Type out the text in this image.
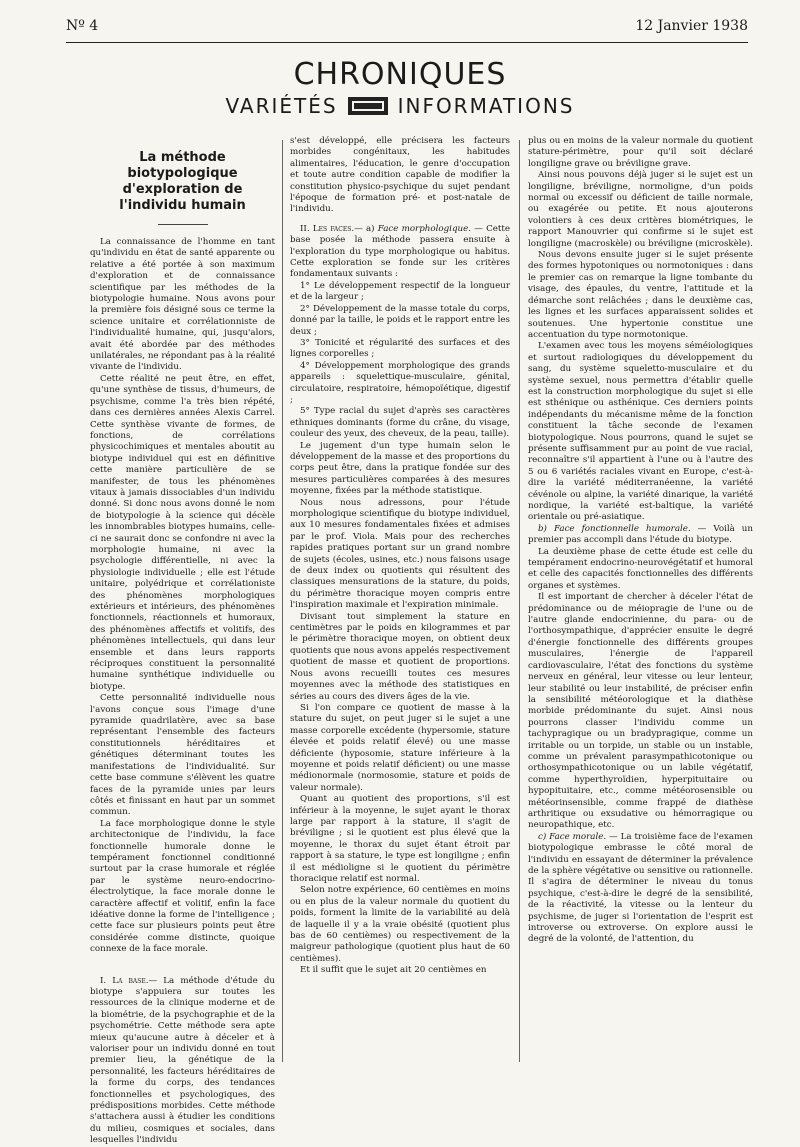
Nº 4	12 Janvier 1938
CHRONIQUES
VARIÉTÉS	INFORMATIONS
La méthode biotypologique d'exploration de l'individu humain

La connaissance de l'homme en tant qu'individu en état de santé apparente ou relative a été portée à son maximum d'exploration et de connaissance scientifique par les méthodes de la biotypologie humaine. Nous avons pour la première fois désigné sous ce terme la science unitaire et corrélationniste de l'individualité humaine, qui, jusqu'alors, avait été abordée par des méthodes unilatérales, ne répondant pas à la réalité vivante de l'individu.

Cette réalité ne peut être, en effet, qu'une synthèse de tissus, d'humeurs, de psychisme, comme l'a très bien répété, dans ces dernières années Alexis Carrel. Cette synthèse vivante de formes, de fonctions, de corrélations physicochimiques et mentales aboutit au biotype individuel qui est en définitive cette manière particulière de se manifester, de tous les phénomènes vitaux à jamais dissociables d'un individu donné. Si donc nous avons donné le nom de biotypologie à la science qui décèle les innombrables biotypes humains, celle-ci ne saurait donc se confondre ni avec la morphologie humaine, ni avec la psychologie différentielle, ni avec la physiologie individuelle ; elle est l'étude unitaire, polyédrique et corrélationiste des phénomènes morphologiques extérieurs et intérieurs, des phénomènes fonctionnels, réactionnels et humoraux, des phénomènes affectifs et volitifs, des phénomènes intellectuels, qui dans leur ensemble et dans leurs rapports réciproques constituent la personnalité humaine synthétique individuelle ou biotype.

Cette personnalité individuelle nous l'avons conçue sous l'image d'une pyramide quadrilatère, avec sa base représentant l'ensemble des facteurs constitutionnels héréditaires et génétiques déterminant toutes les manifestations de l'individualité. Sur cette base commune s'élèvent les quatre faces de la pyramide unies par leurs côtés et finissant en haut par un sommet commun.

La face morphologique donne le style architectonique de l'individu, la face fonctionnelle humorale donne le tempérament fonctionnel conditionné surtout par la crase humorale et réglée par le système neuro-endocrino-électrolytique, la face morale donne le caractère affectif et volitif, enfin la face idéative donne la forme de l'intelligence ; cette face sur plusieurs points peut être considérée comme distincte, quoique connexe de la face morale.

I. La base.— La méthode d'étude du biotype s'appuiera sur toutes les ressources de la clinique moderne et de la biométrie, de la psychographie et de la psychométrie. Cette méthode sera apte mieux qu'aucune autre à déceler et à valoriser pour un individu donné en tout premier lieu, la génétique de la personnalité, les facteurs héréditaires de la forme du corps, des tendances fonctionnelles et psychologiques, des prédispositions morbides. Cette méthode s'attachera aussi à étudier les conditions du milieu, cosmiques et sociales, dans lesquelles l'individu

s'est développé, elle précisera les facteurs morbides congénitaux, les habitudes alimentaires, l'éducation, le genre d'occupation et toute autre condition capable de modifier la constitution physico-psychique du sujet pendant l'époque de formation pré- et post-natale de l'individu.

II. Les faces.— a) Face morphologique. — Cette base posée la méthode passera ensuite à l'exploration du type morphologique ou habitus. Cette exploration se fonde sur les critères fondamentaux suivants :

1° Le développement respectif de la longueur et de la largeur ;

2° Développement de la masse totale du corps, donné par la taille, le poids et le rapport entre les deux ;

3° Tonicité et régularité des surfaces et des lignes corporelles ;

4° Développement morphologique des grands appareils : squelettique-musculaire, génital, circulatoire, respiratoire, hémopoïétique, digestif ;

5° Type racial du sujet d'après ses caractères ethniques dominants (forme du crâne, du visage, couleur des yeux, des cheveux, de la peau, taille).

Le jugement d'un type humain selon le développement de la masse et des proportions du corps peut être, dans la pratique fondée sur des mesures particulières comparées à des mesures moyenne, fixées par la méthode statistique.

Nous nous adressons, pour l'étude morphologique scientifique du biotype individuel, aux 10 mesures fondamentales fixées et admises par le prof. Viola. Mais pour des recherches rapides pratiques portant sur un grand nombre de sujets (écoles, usines, etc.) nous faisons usage de deux index ou quotients qui résultent des classiques mensurations de la stature, du poids, du périmètre thoracique moyen compris entre l'inspiration maximale et l'expiration minimale.

Divisant tout simplement la stature en centimètres par le poids en kilogrammes et par le périmètre thoracique moyen, on obtient deux quotients que nous avons appelés respectivement quotient de masse et quotient de proportions. Nous avons recueilli toutes ces mesures moyennes avec la méthode des statistiques en séries au cours des divers âges de la vie.

Si l'on compare ce quotient de masse à la stature du sujet, on peut juger si le sujet a une masse corporelle excédente (hypersomie, stature élevée et poids relatif élevé) ou une masse déficiente (hyposomie, stature inférieure à la moyenne et poids relatif déficient) ou une masse médionormale (normosomie, stature et poids de valeur normale).

Quant au quotient des proportions, s'il est inférieur à la moyenne, le sujet ayant le thorax large par rapport à la stature, il s'agit de bréviligne ; si le quotient est plus élevé que la moyenne, le thorax du sujet étant étroit par rapport à sa stature, le type est longiligne ; enfin il est médioligne si le quotient du périmètre thoracique relatif est normal.

Selon notre expérience, 60 centièmes en moins ou en plus de la valeur normale du quotient du poids, forment la limite de la variabilité au delà de laquelle il y a la vraie obésité (quotient plus bas de 60 centièmes) ou respectivement de la maigreur pathologique (quotient plus haut de 60 centièmes).

Et il suffit que le sujet ait 20 centièmes en

plus ou en moins de la valeur normale du quotient stature-périmètre, pour qu'il soit déclaré longiligne grave ou bréviligne grave.

Ainsi nous pouvons déjà juger si le sujet est un longiligne, bréviligne, normoligne, d'un poids normal ou excessif ou déficient de taille normale, ou exagérée ou petite. Et nous ajouterons volontiers à ces deux critères biométriques, le rapport Manouvrier qui confirme si le sujet est longiligne (macroskèle) ou bréviligne (microskèle).

Nous devons ensuite juger si le sujet présente des formes hypotoniques ou normotoniques : dans le premier cas on remarque la ligne tombante du visage, des épaules, du ventre, l'attitude et la démarche sont relâchées ; dans le deuxième cas, les lignes et les surfaces apparaissent solides et soutenues. Une hypertonie constitue une accentuation du type normotonique.

L'examen avec tous les moyens séméiologiques et surtout radiologiques du développement du sang, du système squeletto-musculaire et du système sexuel, nous permettra d'établir quelle est la construction morphologique du sujet si elle est sthénique ou asthénique. Ces derniers points indépendants du mécanisme même de la fonction constituent la tâche seconde de l'examen biotypologique. Nous pourrons, quand le sujet se présente suffisamment pur au point de vue racial, reconnaître s'il appartient à l'une ou à l'autre des 5 ou 6 variétés raciales vivant en Europe, c'est-à-dire la variété méditerranéenne, la variété cévénole ou alpine, la variété dinarique, la variété nordique, la variété est-baltique, la variété orientale ou pré-asiatique.

b) Face fonctionnelle humorale. — Voilà un premier pas accompli dans l'étude du biotype.

La deuxième phase de cette étude est celle du tempérament endocrino-neurovégétatif et humoral et celle des capacités fonctionnelles des différents organes et systèmes.

Il est important de chercher à déceler l'état de prédominance ou de méiopragie de l'une ou de l'autre glande endocrinienne, du para- ou de l'orthosympathique, d'apprécier ensuite le degré d'énergie fonctionnelle des différents groupes musculaires, l'énergie de l'appareil cardiovasculaire, l'état des fonctions du système nerveux en général, leur vitesse ou leur lenteur, leur stabilité ou leur instabilité, de préciser enfin la sensibilité météorologique et la diathèse morbide prédominante du sujet. Ainsi nous pourrons classer l'individu comme un tachypragique ou un bradypragique, comme un irritable ou un torpide, un stable ou un instable, comme un prévalent parasympathicotonique ou orthosympathicotonique ou un labile végétatif, comme hyperthyroïdien, hyperpituitaire ou hypopituitaire, etc., comme météorosensible ou météorinsensible, comme frappé de diathèse arthritique ou exsudative ou hémorragique ou neuropathique, etc.

c) Face morale. — La troisième face de l'examen biotypologique embrasse le côté moral de l'individu en essayant de déterminer la prévalence de la sphère végétative ou sensitive ou rationnelle. Il s'agira de déterminer le niveau du tonus psychique, c'est-à-dire le degré de la sensibilité, de la réactivité, la vitesse ou la lenteur du psychisme, de juger si l'orientation de l'esprit est introverse ou extroverse. On explore aussi le degré de la volonté, de l'attention, du
